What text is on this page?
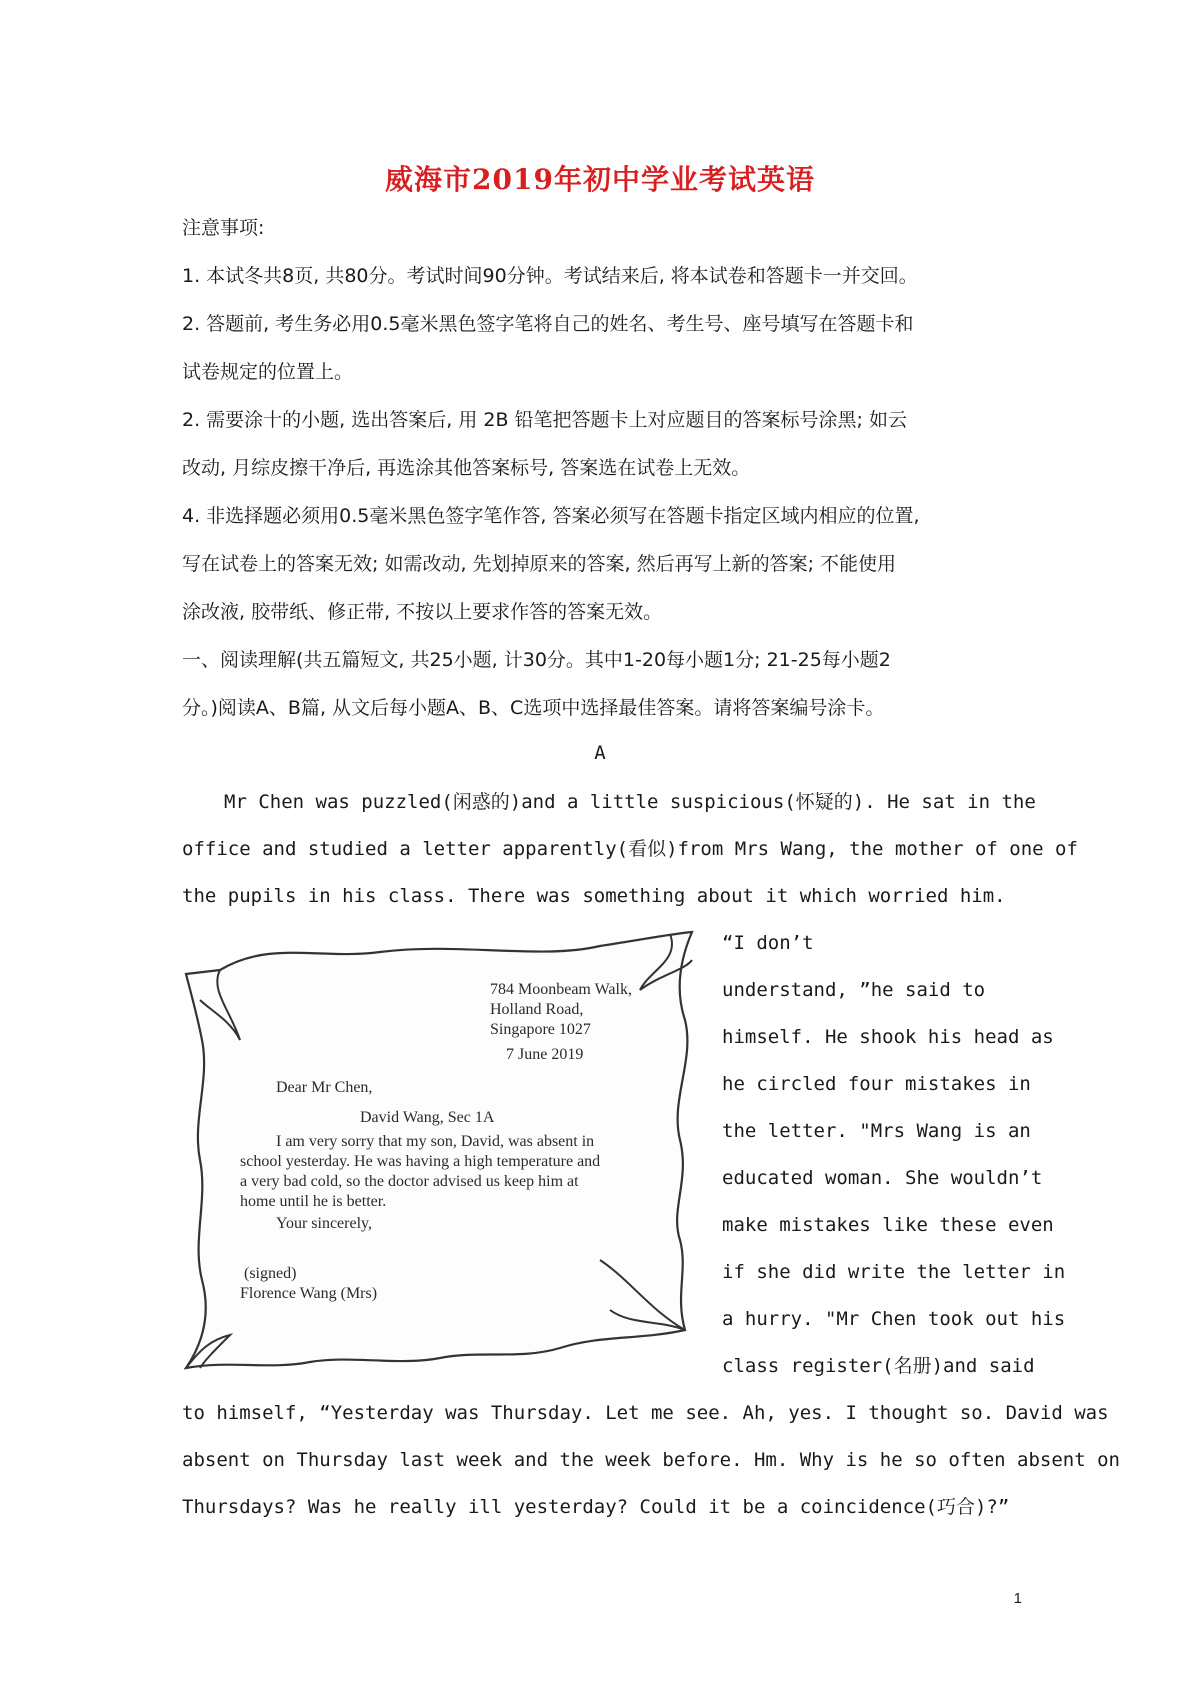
威海市2019年初中学业考试英语
注意事项:
1. 本试冬共8页, 共80分。考试时间90分钟。考试结来后, 将本试卷和答题卡一并交回。
2. 答题前, 考生务必用0.5毫米黑色签字笔将自己的姓名、考生号、座号填写在答题卡和
试卷规定的位置上。
2. 需要涂十的小题, 选出答案后, 用 2B 铅笔把答题卡上对应题目的答案标号涂黑; 如云
改动, 月综皮擦干净后, 再选涂其他答案标号, 答案选在试卷上无效。
4. 非选择题必须用0.5毫米黑色签字笔作答, 答案必须写在答题卡指定区域内相应的位置,
写在试卷上的答案无效; 如需改动, 先划掉原来的答案, 然后再写上新的答案; 不能使用
涂改液, 胶带纸、修正带, 不按以上要求作答的答案无效。
一、阅读理解(共五篇短文, 共25小题, 计30分。其中1-20每小题1分; 21-25每小题2
分。)阅读A、B篇, 从文后每小题A、B、C选项中选择最佳答案。请将答案编号涂卡。
A
Mr Chen was puzzled(闲惑的)and a little suspicious(怀疑的). He sat in the
office and studied a letter apparently(看似)from Mrs Wang, the mother of one of
the pupils in his class. There was something about it which worried him.
“I don’t
understand, ”he said to
himself. He shook his head as
he circled four mistakes in
the letter. "Mrs Wang is an
educated woman. She wouldn’t
make mistakes like these even
if she did write the letter in
a hurry. "Mr Chen took out his
class register(名册)and said
to himself, “Yesterday was Thursday. Let me see. Ah, yes. I thought so. David was
absent on Thursday last week and the week before. Hm. Why is he so often absent on
Thursdays? Was he really ill yesterday? Could it be a coincidence(巧合)?”
784 Moonbeam Walk,
Holland Road,
Singapore 1027
7 June 2019
Dear Mr Chen,
David Wang, Sec 1A
I am very sorry that my son, David, was absent in
school yesterday. He was having a high temperature and
a very bad cold, so the doctor advised us keep him at
home until he is better.
Your sincerely,
(signed)
Florence Wang (Mrs)
1
